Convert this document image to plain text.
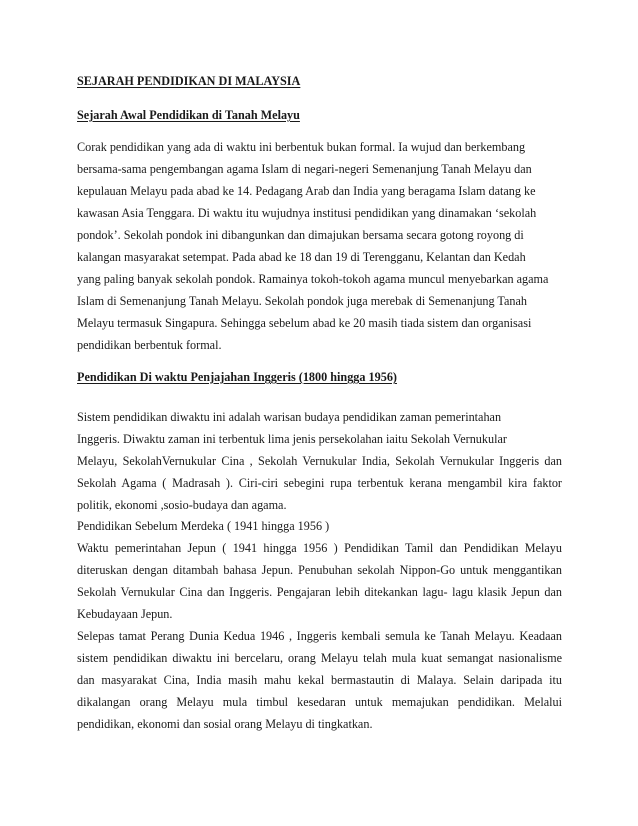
SEJARAH PENDIDIKAN DI MALAYSIA

Sejarah Awal Pendidikan di Tanah Melayu

Corak pendidikan yang ada di waktu ini berbentuk bukan formal. Ia wujud dan berkembang

bersama-sama pengembangan agama Islam di negari-negeri Semenanjung Tanah Melayu dan

kepulauan Melayu pada abad ke 14. Pedagang Arab dan India yang beragama Islam datang ke

kawasan Asia Tenggara. Di waktu itu wujudnya institusi pendidikan yang dinamakan ‘sekolah

pondok’. Sekolah pondok ini dibangunkan dan dimajukan bersama secara gotong royong di

kalangan masyarakat setempat. Pada abad ke 18 dan 19 di Terengganu, Kelantan dan Kedah

yang paling banyak sekolah pondok. Ramainya tokoh-tokoh agama muncul menyebarkan agama

Islam di Semenanjung Tanah Melayu. Sekolah pondok juga merebak di Semenanjung Tanah

Melayu termasuk Singapura. Sehingga sebelum abad ke 20 masih tiada sistem dan organisasi

pendidikan berbentuk formal.

Pendidikan Di waktu Penjajahan Inggeris (1800 hingga 1956)

Sistem pendidikan diwaktu ini adalah warisan budaya pendidikan zaman pemerintahan

Inggeris. Diwaktu zaman ini terbentuk lima jenis persekolahan iaitu Sekolah Vernukular

Melayu, SekolahVernukular Cina , Sekolah Vernukular India, Sekolah Vernukular Inggeris dan

Sekolah Agama ( Madrasah ). Ciri-ciri sebegini rupa terbentuk kerana mengambil kira faktor

politik, ekonomi ,sosio-budaya dan agama.

Pendidikan Sebelum Merdeka ( 1941 hingga 1956 )

Waktu pemerintahan Jepun ( 1941 hingga 1956 ) Pendidikan Tamil dan Pendidikan Melayu

diteruskan dengan ditambah bahasa Jepun. Penubuhan sekolah Nippon-Go untuk menggantikan

Sekolah Vernukular Cina dan Inggeris. Pengajaran lebih ditekankan lagu- lagu klasik Jepun dan

Kebudayaan Jepun.

Selepas tamat Perang Dunia Kedua 1946 , Inggeris kembali semula ke Tanah Melayu. Keadaan

sistem pendidikan diwaktu ini bercelaru, orang Melayu telah mula kuat semangat nasionalisme

dan masyarakat Cina, India masih mahu kekal bermastautin di Malaya. Selain daripada itu

dikalangan orang Melayu mula timbul kesedaran untuk memajukan pendidikan. Melalui

pendidikan, ekonomi dan sosial orang Melayu di tingkatkan.
